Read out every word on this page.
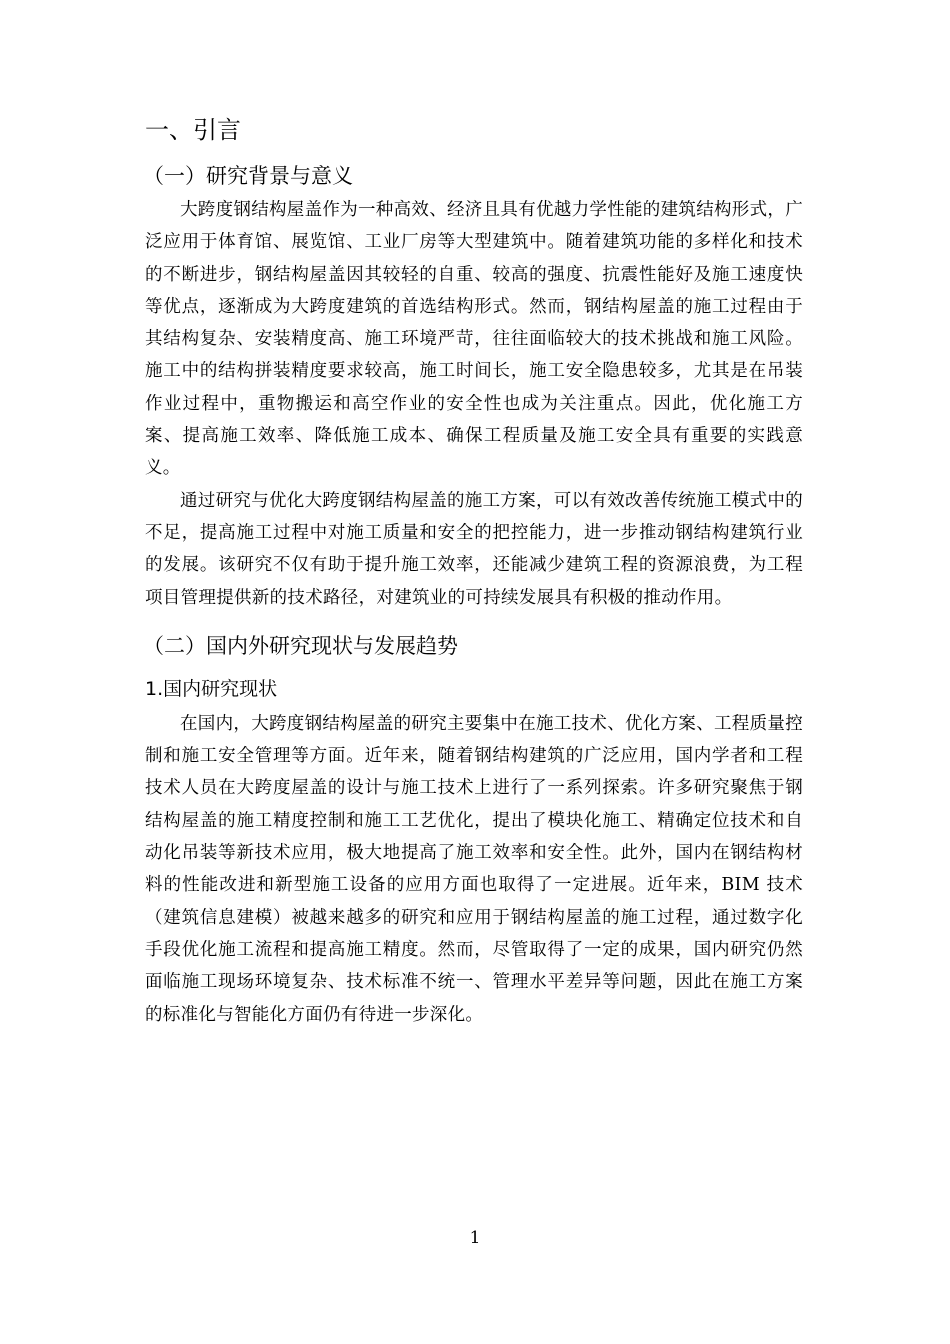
一、引言
（一）研究背景与意义

大跨度钢结构屋盖作为一种高效、经济且具有优越力学性能的建筑结构形式，广泛应用于体育馆、展览馆、工业厂房等大型建筑中。随着建筑功能的多样化和技术的不断进步，钢结构屋盖因其较轻的自重、较高的强度、抗震性能好及施工速度快等优点，逐渐成为大跨度建筑的首选结构形式。然而，钢结构屋盖的施工过程由于其结构复杂、安装精度高、施工环境严苛，往往面临较大的技术挑战和施工风险。施工中的结构拼装精度要求较高，施工时间长，施工安全隐患较多，尤其是在吊装作业过程中，重物搬运和高空作业的安全性也成为关注重点。因此，优化施工方案、提高施工效率、降低施工成本、确保工程质量及施工安全具有重要的实践意义。

通过研究与优化大跨度钢结构屋盖的施工方案，可以有效改善传统施工模式中的不足，提高施工过程中对施工质量和安全的把控能力，进一步推动钢结构建筑行业的发展。该研究不仅有助于提升施工效率，还能减少建筑工程的资源浪费，为工程项目管理提供新的技术路径，对建筑业的可持续发展具有积极的推动作用。

（二）国内外研究现状与发展趋势
1.国内研究现状

在国内，大跨度钢结构屋盖的研究主要集中在施工技术、优化方案、工程质量控制和施工安全管理等方面。近年来，随着钢结构建筑的广泛应用，国内学者和工程技术人员在大跨度屋盖的设计与施工技术上进行了一系列探索。许多研究聚焦于钢结构屋盖的施工精度控制和施工工艺优化，提出了模块化施工、精确定位技术和自动化吊装等新技术应用，极大地提高了施工效率和安全性。此外，国内在钢结构材料的性能改进和新型施工设备的应用方面也取得了一定进展。近年来，BIM 技术（建筑信息建模）被越来越多的研究和应用于钢结构屋盖的施工过程，通过数字化手段优化施工流程和提高施工精度。然而，尽管取得了一定的成果，国内研究仍然面临施工现场环境复杂、技术标准不统一、管理水平差异等问题，因此在施工方案的标准化与智能化方面仍有待进一步深化。

1
